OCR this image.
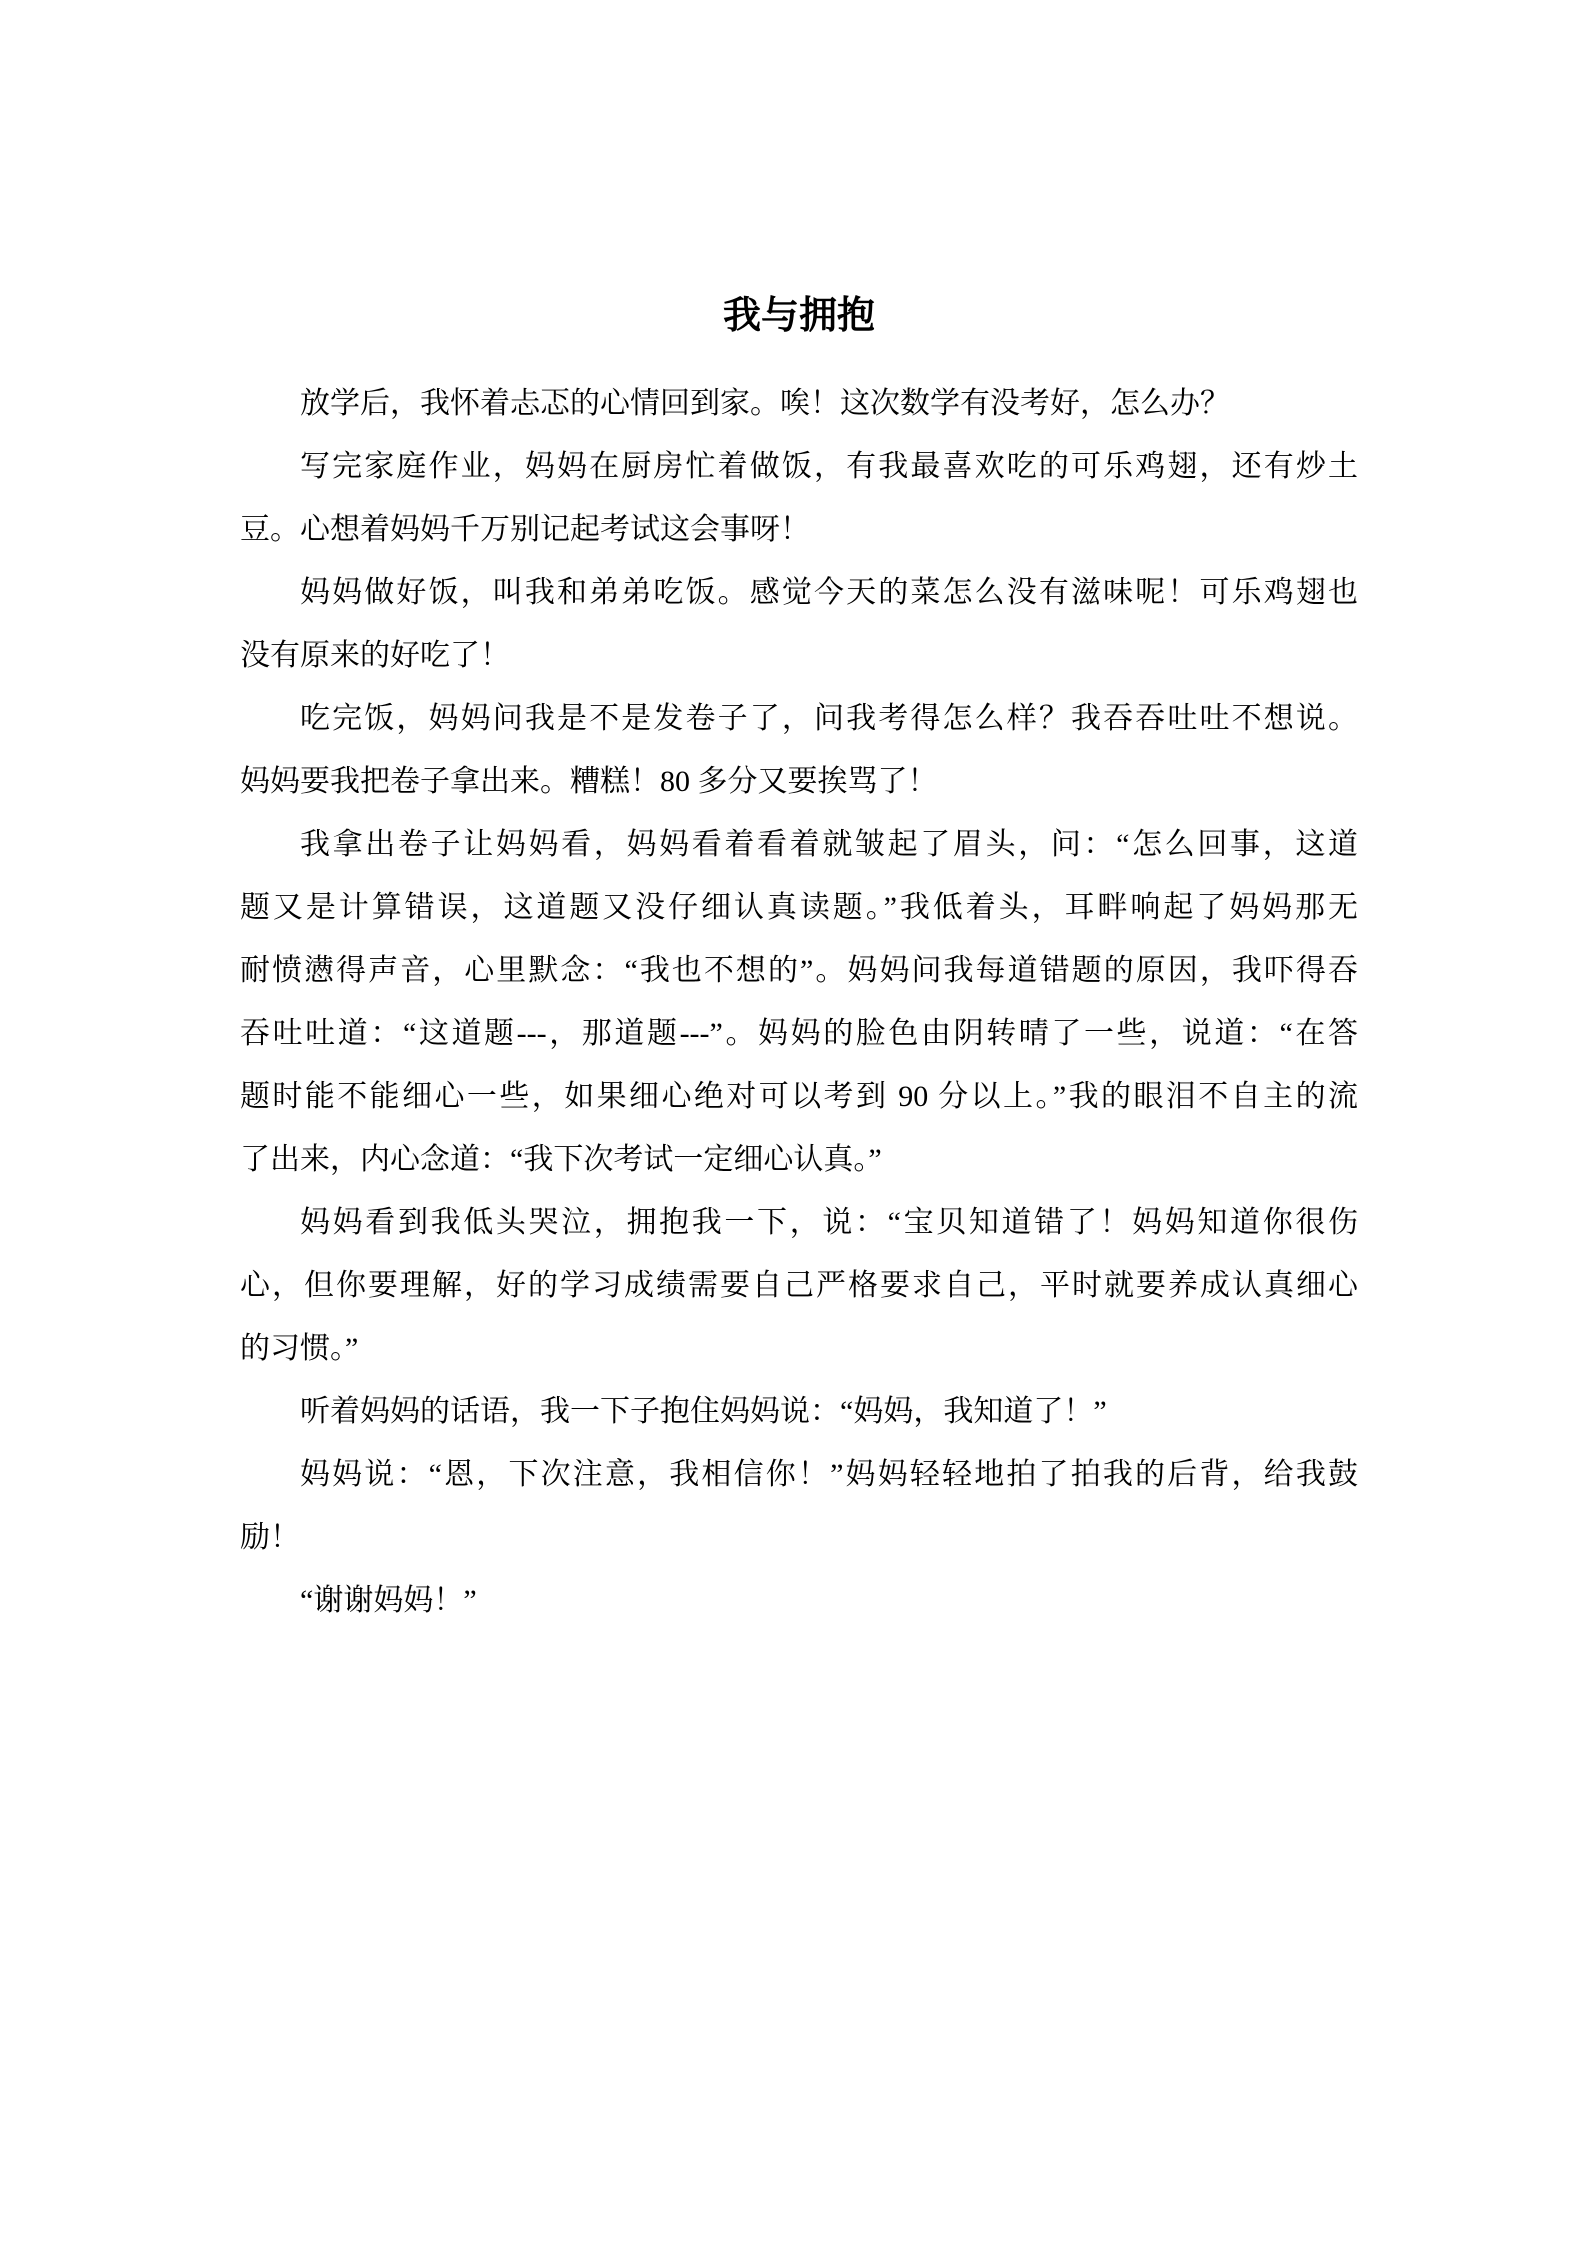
我与拥抱
放学后，我怀着忐忑的心情回到家。唉！这次数学有没考好，怎么办？
写完家庭作业，妈妈在厨房忙着做饭，有我最喜欢吃的可乐鸡翅，还有炒土
豆。心想着妈妈千万别记起考试这会事呀！
妈妈做好饭，叫我和弟弟吃饭。感觉今天的菜怎么没有滋味呢！可乐鸡翅也
没有原来的好吃了！
吃完饭，妈妈问我是不是发卷子了，问我考得怎么样？我吞吞吐吐不想说。
妈妈要我把卷子拿出来。糟糕！80 多分又要挨骂了！
我拿出卷子让妈妈看，妈妈看着看着就皱起了眉头，问：“怎么回事，这道
题又是计算错误，这道题又没仔细认真读题。”我低着头，耳畔响起了妈妈那无
耐愤懑得声音，心里默念：“我也不想的”。妈妈问我每道错题的原因，我吓得吞
吞吐吐道：“这道题---，那道题---”。妈妈的脸色由阴转晴了一些，说道：“在答
题时能不能细心一些，如果细心绝对可以考到 90 分以上。”我的眼泪不自主的流
了出来，内心念道：“我下次考试一定细心认真。”
妈妈看到我低头哭泣，拥抱我一下，说：“宝贝知道错了！妈妈知道你很伤
心，但你要理解，好的学习成绩需要自己严格要求自己，平时就要养成认真细心
的习惯。”
听着妈妈的话语，我一下子抱住妈妈说：“妈妈，我知道了！”
妈妈说：“恩，下次注意，我相信你！”妈妈轻轻地拍了拍我的后背，给我鼓
励！
“谢谢妈妈！”
